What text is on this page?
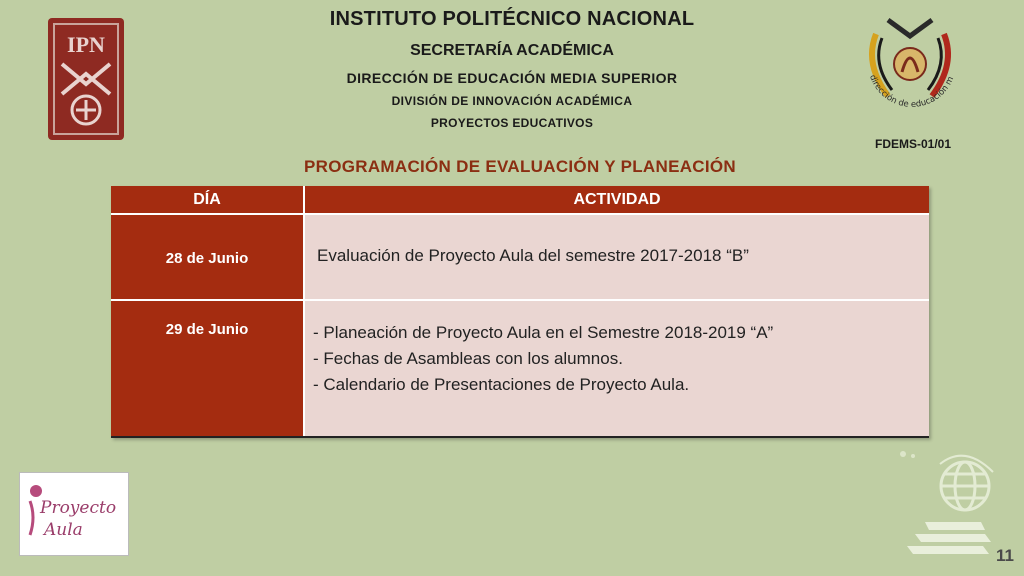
IPN
dirección de educación m
INSTITUTO POLITÉCNICO NACIONAL
SECRETARÍA ACADÉMICA
DIRECCIÓN DE EDUCACIÓN MEDIA SUPERIOR
DIVISIÓN DE INNOVACIÓN ACADÉMICA
PROYECTOS EDUCATIVOS
FDEMS-01/01
PROGRAMACIÓN DE EVALUACIÓN Y PLANEACIÓN
DÍA	ACTIVIDAD
28 de Junio	Evaluación de Proyecto Aula del semestre 2017-2018 “B”
29 de Junio	- Planeación de Proyecto Aula en el Semestre 2018-2019 “A”
- Fechas de Asambleas con los alumnos.
- Calendario de Presentaciones de Proyecto Aula.
Proyecto
Aula
11
